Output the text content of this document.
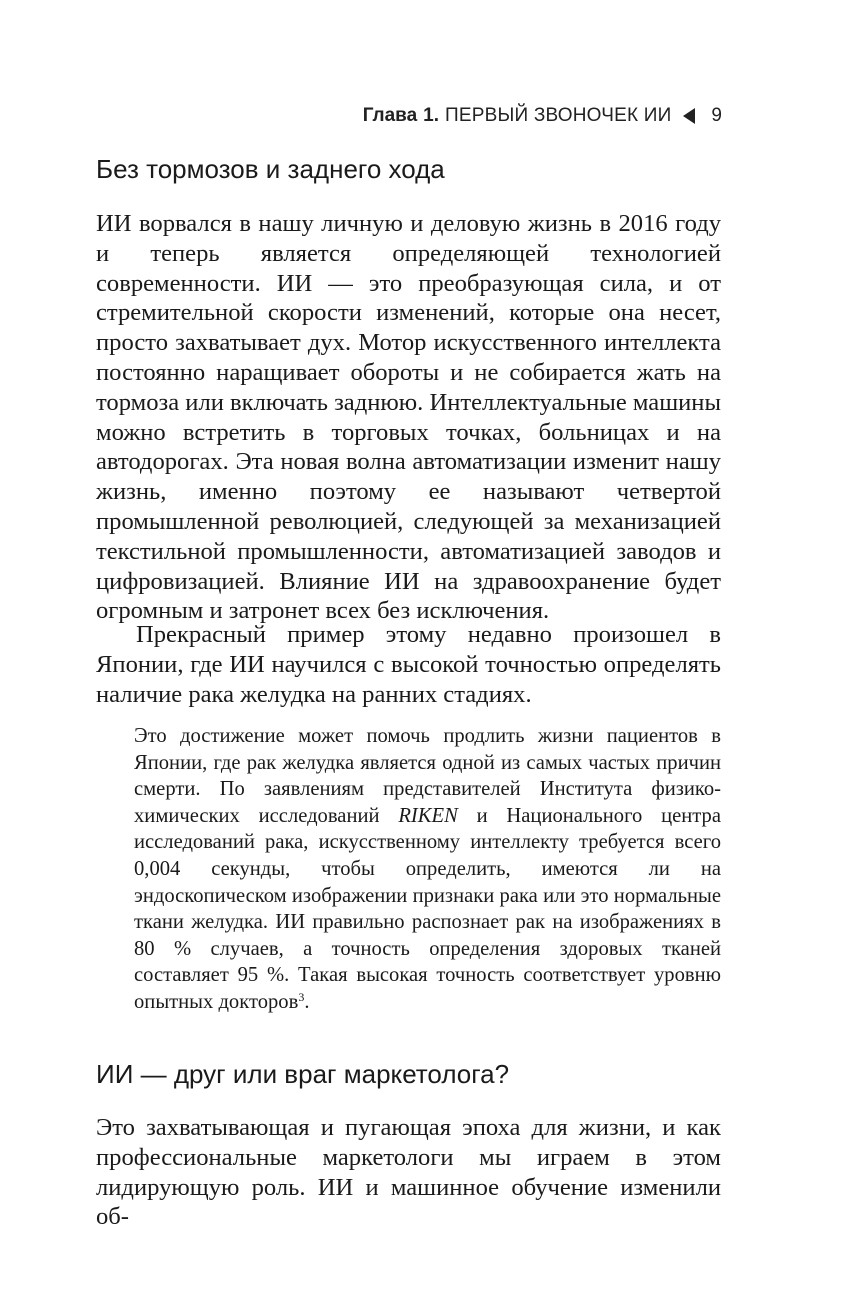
Глава 1. ПЕРВЫЙ ЗВОНОЧЕК ИИ 9
Без тормозов и заднего хода

ИИ ворвался в нашу личную и деловую жизнь в 2016 году и теперь является определяющей технологией современности. ИИ — это преобразующая сила, и от стремительной скорости изменений, которые она несет, просто захватывает дух. Мотор искусственного интеллекта постоянно наращивает обороты и не собирается жать на тормоза или включать заднюю. Интеллектуальные машины можно встретить в торговых точках, больницах и на автодорогах. Эта новая волна автоматизации изменит нашу жизнь, именно поэтому ее называют четвертой промышленной революцией, следующей за механизацией текстильной промышленности, автоматизацией заводов и цифровизацией. Влияние ИИ на здравоохранение будет огромным и затронет всех без исключения.

Прекрасный пример этому недавно произошел в Японии, где ИИ научился с высокой точностью определять наличие рака желудка на ранних стадиях.

Это достижение может помочь продлить жизни пациентов в Японии, где рак желудка является одной из самых частых причин смерти. По заявлениям представителей Института физико-химических исследований RIKEN и Национального центра исследований рака, искусственному интеллекту требуется всего 0,004 секунды, чтобы определить, имеются ли на эндоскопическом изображении признаки рака или это нормальные ткани желудка. ИИ правильно распознает рак на изображениях в 80 % случаев, а точность определения здоровых тканей составляет 95 %. Такая высокая точность соответствует уровню опытных докторов$^3$.

ИИ — друг или враг маркетолога?

Это захватывающая и пугающая эпоха для жизни, и как профессиональные маркетологи мы играем в этом лидирующую роль. ИИ и машинное обучение изменили об-
